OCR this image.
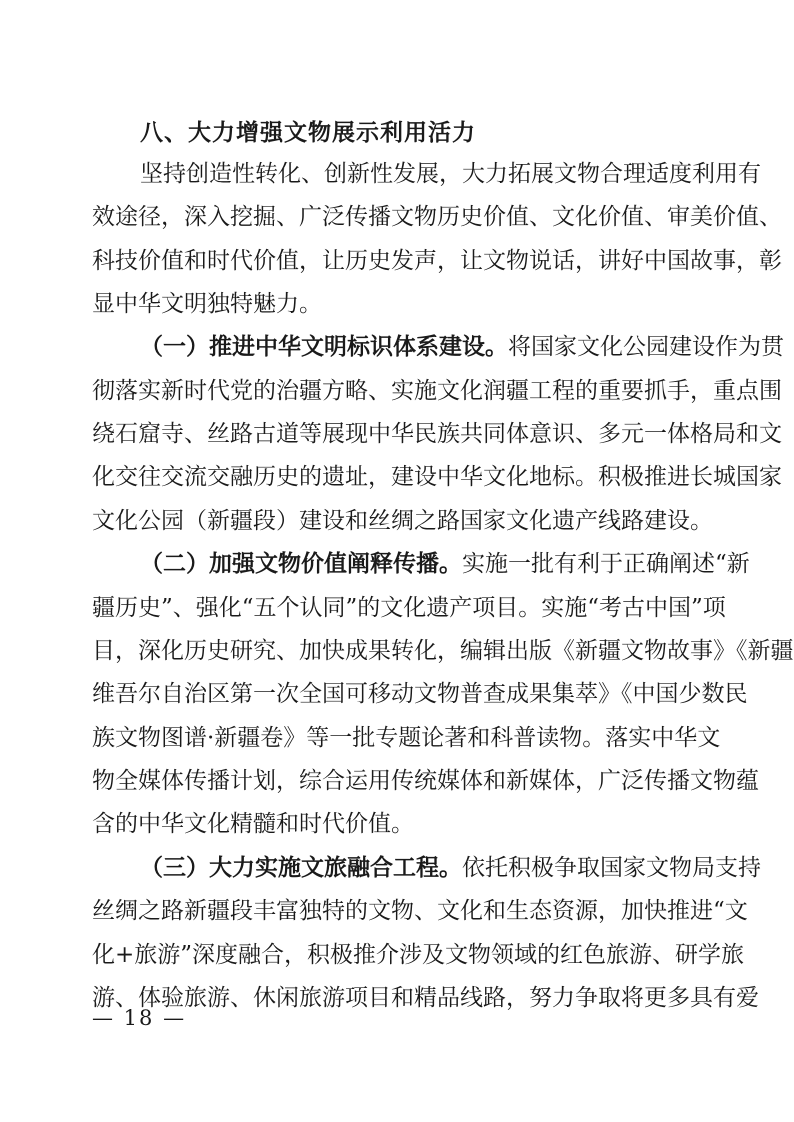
八、大力增强文物展示利用活力
坚持创造性转化、创新性发展，大力拓展文物合理适度利用有
效途径，深入挖掘、广泛传播文物历史价值、文化价值、审美价值、
科技价值和时代价值，让历史发声，让文物说话，讲好中国故事，彰
显中华文明独特魅力。
（一）推进中华文明标识体系建设。将国家文化公园建设作为贯
彻落实新时代党的治疆方略、实施文化润疆工程的重要抓手，重点围
绕石窟寺、丝路古道等展现中华民族共同体意识、多元一体格局和文
化交往交流交融历史的遗址，建设中华文化地标。积极推进长城国家
文化公园（新疆段）建设和丝绸之路国家文化遗产线路建设。
（二）加强文物价值阐释传播。实施一批有利于正确阐述“新
疆历史”、强化“五个认同”的文化遗产项目。实施“考古中国”项
目，深化历史研究、加快成果转化，编辑出版《新疆文物故事》《新疆
维吾尔自治区第一次全国可移动文物普查成果集萃》《中国少数民
族文物图谱·新疆卷》等一批专题论著和科普读物。落实中华文
物全媒体传播计划，综合运用传统媒体和新媒体，广泛传播文物蕴
含的中华文化精髓和时代价值。
（三）大力实施文旅融合工程。依托积极争取国家文物局支持
丝绸之路新疆段丰富独特的文物、文化和生态资源，加快推进“文
化+旅游”深度融合，积极推介涉及文物领域的红色旅游、研学旅
游、体验旅游、休闲旅游项目和精品线路，努力争取将更多具有爱
— 18 —
